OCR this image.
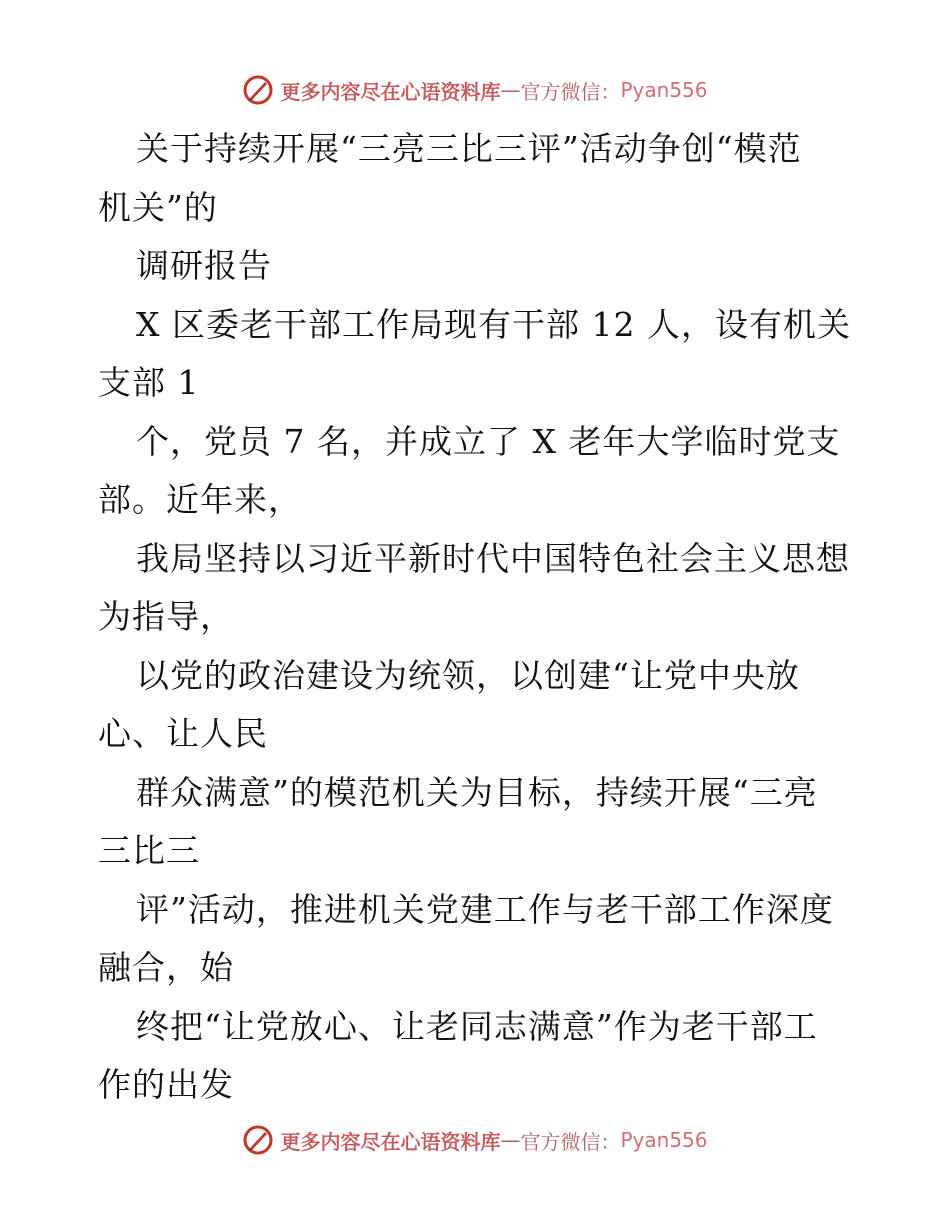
更多内容尽在心语资料库 — 官方微信： Pyan556
关于持续开展“三亮三比三评”活动争创“模范
机关”的
调研报告
X 区委老干部工作局现有干部 12 人，设有机关
支部 1
个，党员 7 名，并成立了 X 老年大学临时党支
部。近年来，
我局坚持以习近平新时代中国特色社会主义思想
为指导，
以党的政治建设为统领，以创建“让党中央放
心、让人民
群众满意”的模范机关为目标，持续开展“三亮
三比三
评”活动，推进机关党建工作与老干部工作深度
融合，始
终把“让党放心、让老同志满意”作为老干部工
作的出发
更多内容尽在心语资料库 — 官方微信： Pyan556
